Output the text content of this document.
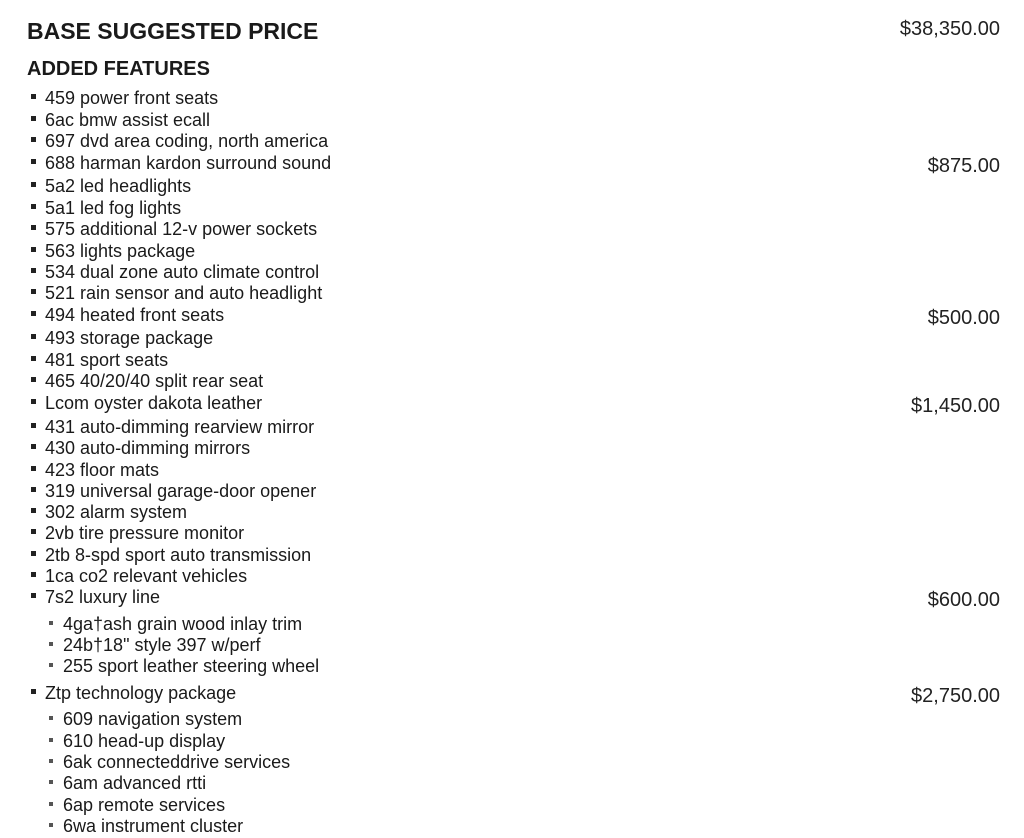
BASE SUGGESTED PRICE	$38,350.00
ADDED FEATURES
459 power front seats
6ac bmw assist ecall
697 dvd area coding, north america
688 harman kardon surround sound	$875.00
5a2 led headlights
5a1 led fog lights
575 additional 12-v power sockets
563 lights package
534 dual zone auto climate control
521 rain sensor and auto headlight
494 heated front seats	$500.00
493 storage package
481 sport seats
465 40/20/40 split rear seat
Lcom oyster dakota leather	$1,450.00
431 auto-dimming rearview mirror
430 auto-dimming mirrors
423 floor mats
319 universal garage-door opener
302 alarm system
2vb tire pressure monitor
2tb 8-spd sport auto transmission
1ca co2 relevant vehicles
7s2 luxury line	$600.00
4ga†ash grain wood inlay trim
24b†18" style 397 w/perf
255 sport leather steering wheel
Ztp technology package	$2,750.00
609 navigation system
610 head-up display
6ak connecteddrive services
6am advanced rtti
6ap remote services
6wa instrument cluster
